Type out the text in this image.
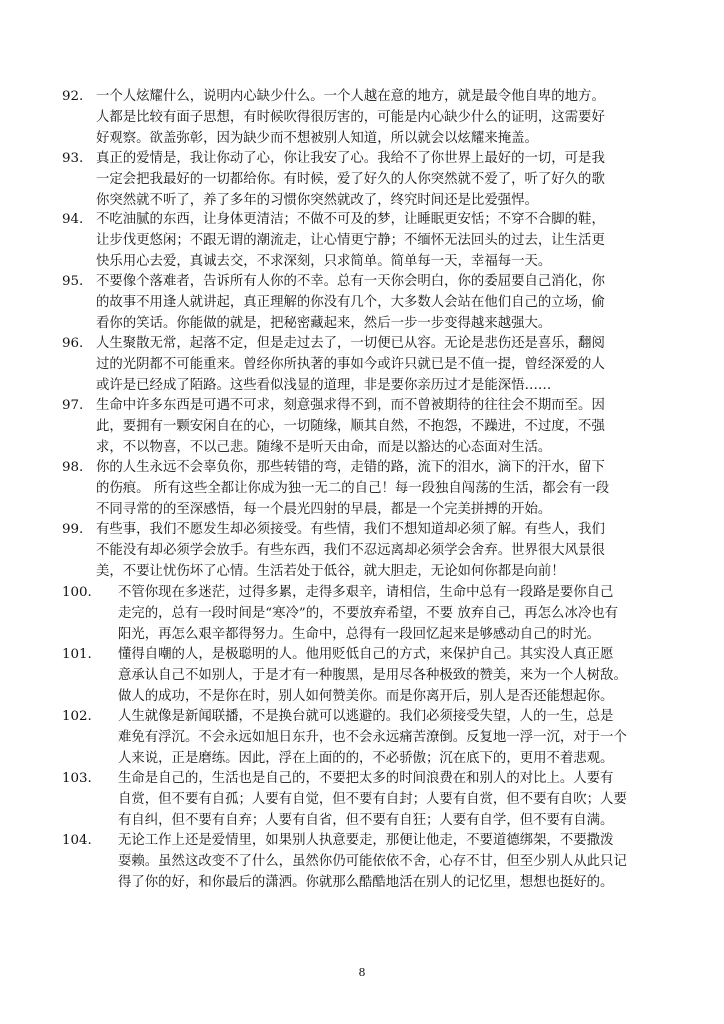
92. 一个人炫耀什么，说明内心缺少什么。一个人越在意的地方，就是最令他自卑的地方。
人都是比较有面子思想，有时候吹得很厉害的，可能是内心缺少什么的证明，这需要好
好观察。欲盖弥彰，因为缺少而不想被别人知道，所以就会以炫耀来掩盖。
93. 真正的爱情是，我让你动了心，你让我安了心。我给不了你世界上最好的一切，可是我
一定会把我最好的一切都给你。有时候，爱了好久的人你突然就不爱了，听了好久的歌
你突然就不听了，养了多年的习惯你突然就改了，终究时间还是比爱强悍。
94. 不吃油腻的东西，让身体更清洁；不做不可及的梦，让睡眠更安恬；不穿不合脚的鞋，
让步伐更悠闲；不跟无谓的潮流走，让心情更宁静；不缅怀无法回头的过去，让生活更
快乐用心去爱，真诚去交，不求深刻，只求简单。简单每一天，幸福每一天。
95. 不要像个落难者，告诉所有人你的不幸。总有一天你会明白，你的委屈要自己消化，你
的故事不用逢人就讲起，真正理解的你没有几个，大多数人会站在他们自己的立场，偷
看你的笑话。你能做的就是，把秘密藏起来，然后一步一步变得越来越强大。
96. 人生聚散无常，起落不定，但是走过去了，一切便已从容。无论是悲伤还是喜乐，翻阅
过的光阴都不可能重来。曾经你所执著的事如今或许只就已是不值一提，曾经深爱的人
或许是已经成了陌路。这些看似浅显的道理，非是要你亲历过才是能深悟……
97. 生命中许多东西是可遇不可求，刻意强求得不到，而不曾被期待的往往会不期而至。因
此，要拥有一颗安闲自在的心，一切随缘，顺其自然，不抱怨，不躁进，不过度，不强
求，不以物喜，不以己悲。随缘不是听天由命，而是以豁达的心态面对生活。
98. 你的人生永远不会辜负你，那些转错的弯，走错的路，流下的泪水，滴下的汗水，留下
的伤痕。 所有这些全都让你成为独一无二的自己！每一段独自闯荡的生活，都会有一段
不同寻常的的至深感悟，每一个晨光四射的早晨，都是一个完美拼搏的开始。
99. 有些事，我们不愿发生却必须接受。有些情，我们不想知道却必须了解。有些人，我们
不能没有却必须学会放手。有些东西，我们不忍远离却必须学会舍弃。世界很大风景很
美，不要让忧伤坏了心情。生活若处于低谷，就大胆走，无论如何你都是向前！
100. 不管你现在多迷茫，过得多累，走得多艰辛，请相信，生命中总有一段路是要你自己
走完的，总有一段时间是“寒冷”的，不要放弃希望，不要 放弃自己，再怎么冰冷也有
阳光，再怎么艰辛都得努力。生命中，总得有一段回忆起来是够感动自己的时光。
101. 懂得自嘲的人，是极聪明的人。他用贬低自己的方式，来保护自己。其实没人真正愿
意承认自己不如别人，于是才有一种腹黑，是用尽各种极致的赞美，来为一个人树敌。
做人的成功，不是你在时，别人如何赞美你。而是你离开后，别人是否还能想起你。
102. 人生就像是新闻联播，不是换台就可以逃避的。我们必须接受失望，人的一生，总是
难免有浮沉。不会永远如旭日东升，也不会永远痛苦潦倒。反复地一浮一沉，对于一个
人来说，正是磨练。因此，浮在上面的的，不必骄傲；沉在底下的，更用不着悲观。
103. 生命是自己的，生活也是自己的，不要把太多的时间浪费在和别人的对比上。人要有
自赏，但不要有自孤；人要有自觉，但不要有自封；人要有自赏，但不要有自吹；人要
有自纠，但不要有自弃；人要有自省，但不要有自狂；人要有自学，但不要有自满。
104. 无论工作上还是爱情里，如果别人执意要走，那便让他走，不要道德绑架，不要撒泼
耍赖。虽然这改变不了什么，虽然你仍可能依依不舍，心存不甘，但至少别人从此只记
得了你的好，和你最后的潇洒。你就那么酷酷地活在别人的记忆里，想想也挺好的。
8
